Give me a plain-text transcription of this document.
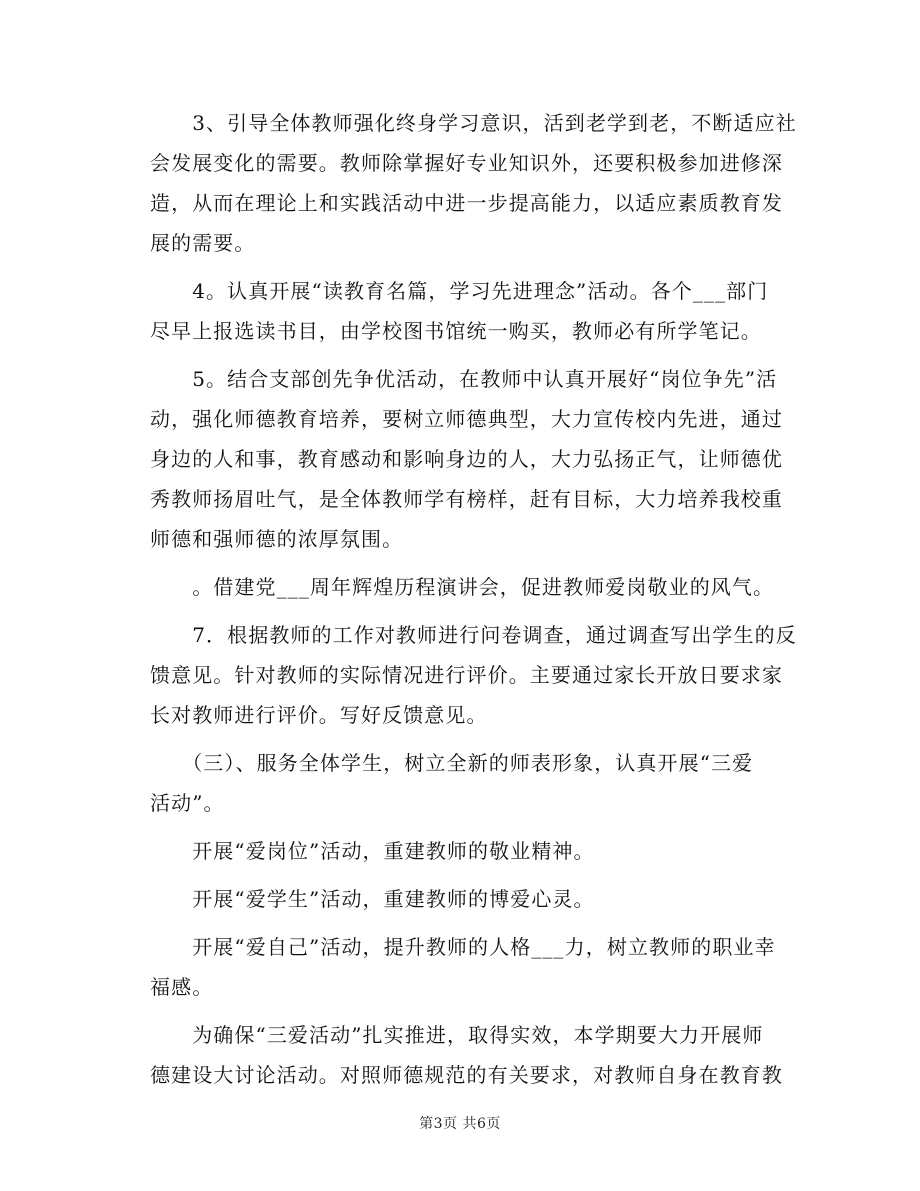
　　3、引导全体教师强化终身学习意识，活到老学到老，不断适应社
会发展变化的需要。教师除掌握好专业知识外，还要积极参加进修深
造，从而在理论上和实践活动中进一步提高能力，以适应素质教育发
展的需要。

　　4。认真开展“读教育名篇，学习先进理念”活动。各个___部门
尽早上报选读书目，由学校图书馆统一购买，教师必有所学笔记。

　　5。结合支部创先争优活动，在教师中认真开展好“岗位争先”活
动，强化师德教育培养，要树立师德典型，大力宣传校内先进，通过
身边的人和事，教育感动和影响身边的人，大力弘扬正气，让师德优
秀教师扬眉吐气，是全体教师学有榜样，赶有目标，大力培养我校重
师德和强师德的浓厚氛围。

　　。借建党___周年辉煌历程演讲会，促进教师爱岗敬业的风气。

　　7．根据教师的工作对教师进行问卷调查，通过调查写出学生的反
馈意见。针对教师的实际情况进行评价。主要通过家长开放日要求家
长对教师进行评价。写好反馈意见。

　　（三）、服务全体学生，树立全新的师表形象，认真开展“三爱
活动”。

　　开展“爱岗位”活动，重建教师的敬业精神。

　　开展“爱学生”活动，重建教师的博爱心灵。

　　开展“爱自己”活动，提升教师的人格___力，树立教师的职业幸
福感。

　　为确保“三爱活动”扎实推进，取得实效，本学期要大力开展师
德建设大讨论活动。对照师德规范的有关要求，对教师自身在教育教

第3页 共6页
